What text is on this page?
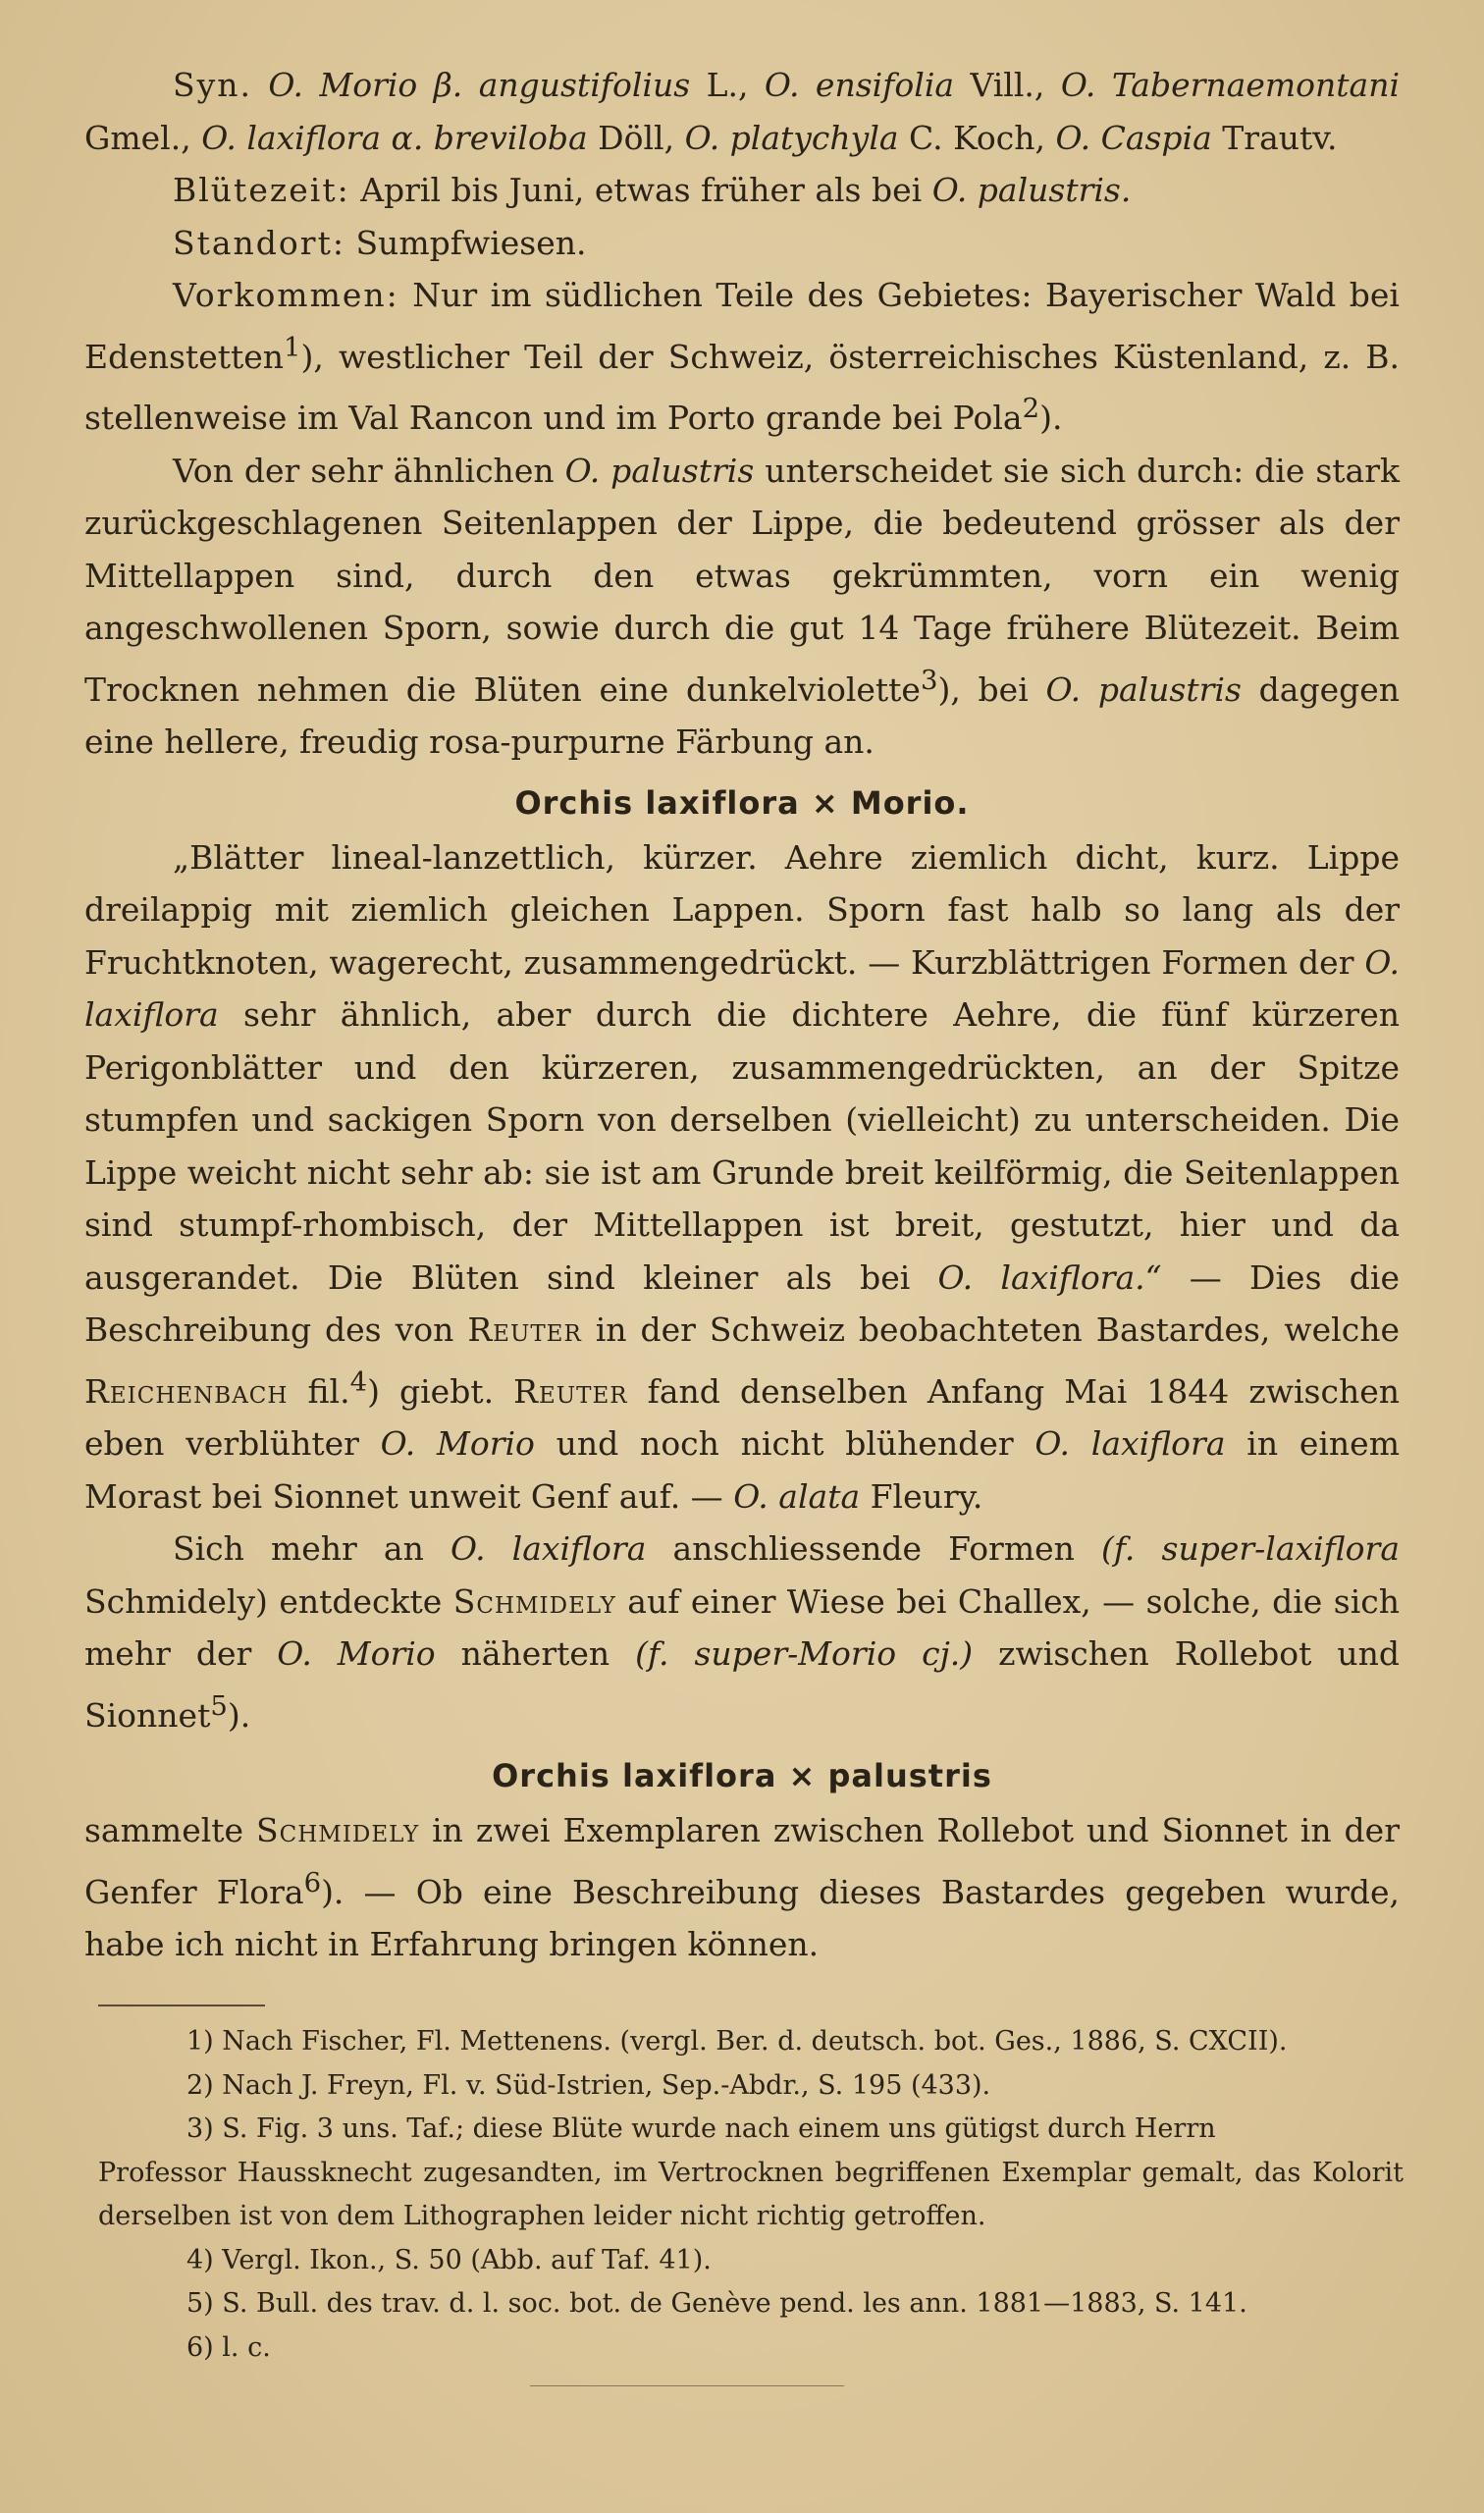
Syn. O. Morio β. angustifolius L., O. ensifolia Vill., O. Tabernaemontani Gmel., O. laxiflora α. breviloba Döll, O. platychyla C. Koch, O. Caspia Trautv.

Blütezeit: April bis Juni, etwas früher als bei O. palustris.

Standort: Sumpfwiesen.

Vorkommen: Nur im südlichen Teile des Gebietes: Bayerischer Wald bei Edenstetten$^1$), westlicher Teil der Schweiz, österreichisches Küstenland, z. B. stellenweise im Val Rancon und im Porto grande bei Pola$^2$).

Von der sehr ähnlichen O. palustris unterscheidet sie sich durch: die stark zurückgeschlagenen Seitenlappen der Lippe, die bedeutend grösser als der Mittellappen sind, durch den etwas gekrümmten, vorn ein wenig angeschwollenen Sporn, sowie durch die gut 14 Tage frühere Blütezeit. Beim Trocknen nehmen die Blüten eine dunkelviolette$^3$), bei O. palustris dagegen eine hellere, freudig rosa-purpurne Färbung an.

Orchis laxiflora × Morio.

„Blätter lineal-lanzettlich, kürzer. Aehre ziemlich dicht, kurz. Lippe dreilappig mit ziemlich gleichen Lappen. Sporn fast halb so lang als der Fruchtknoten, wagerecht, zusammengedrückt. — Kurzblättrigen Formen der O. laxiflora sehr ähnlich, aber durch die dichtere Aehre, die fünf kürzeren Perigonblätter und den kürzeren, zusammengedrückten, an der Spitze stumpfen und sackigen Sporn von derselben (vielleicht) zu unterscheiden. Die Lippe weicht nicht sehr ab: sie ist am Grunde breit keilförmig, die Seitenlappen sind stumpf-rhombisch, der Mittellappen ist breit, gestutzt, hier und da ausgerandet. Die Blüten sind kleiner als bei O. laxiflora.“ — Dies die Beschreibung des von Reuter in der Schweiz beobachteten Bastardes, welche Reichenbach fil.$^4$) giebt. Reuter fand denselben Anfang Mai 1844 zwischen eben verblühter O. Morio und noch nicht blühender O. laxiflora in einem Morast bei Sionnet unweit Genf auf. — O. alata Fleury.

Sich mehr an O. laxiflora anschliessende Formen (f. super-laxiflora Schmidely) entdeckte Schmidely auf einer Wiese bei Challex, — solche, die sich mehr der O. Morio näherten (f. super-Morio cj.) zwischen Rollebot und Sionnet$^5$).

Orchis laxiflora × palustris

sammelte Schmidely in zwei Exemplaren zwischen Rollebot und Sionnet in der Genfer Flora$^6$). — Ob eine Beschreibung dieses Bastardes gegeben wurde, habe ich nicht in Erfahrung bringen können.

1) Nach Fischer, Fl. Mettenens. (vergl. Ber. d. deutsch. bot. Ges., 1886, S. CXCII).

2) Nach J. Freyn, Fl. v. Süd-Istrien, Sep.-Abdr., S. 195 (433).

3) S. Fig. 3 uns. Taf.; diese Blüte wurde nach einem uns gütigst durch Herrn

Professor Haussknecht zugesandten, im Vertrocknen begriffenen Exemplar gemalt, das Kolorit derselben ist von dem Lithographen leider nicht richtig getroffen.

4) Vergl. Ikon., S. 50 (Abb. auf Taf. 41).

5) S. Bull. des trav. d. l. soc. bot. de Genève pend. les ann. 1881—1883, S. 141.

6) l. c.
